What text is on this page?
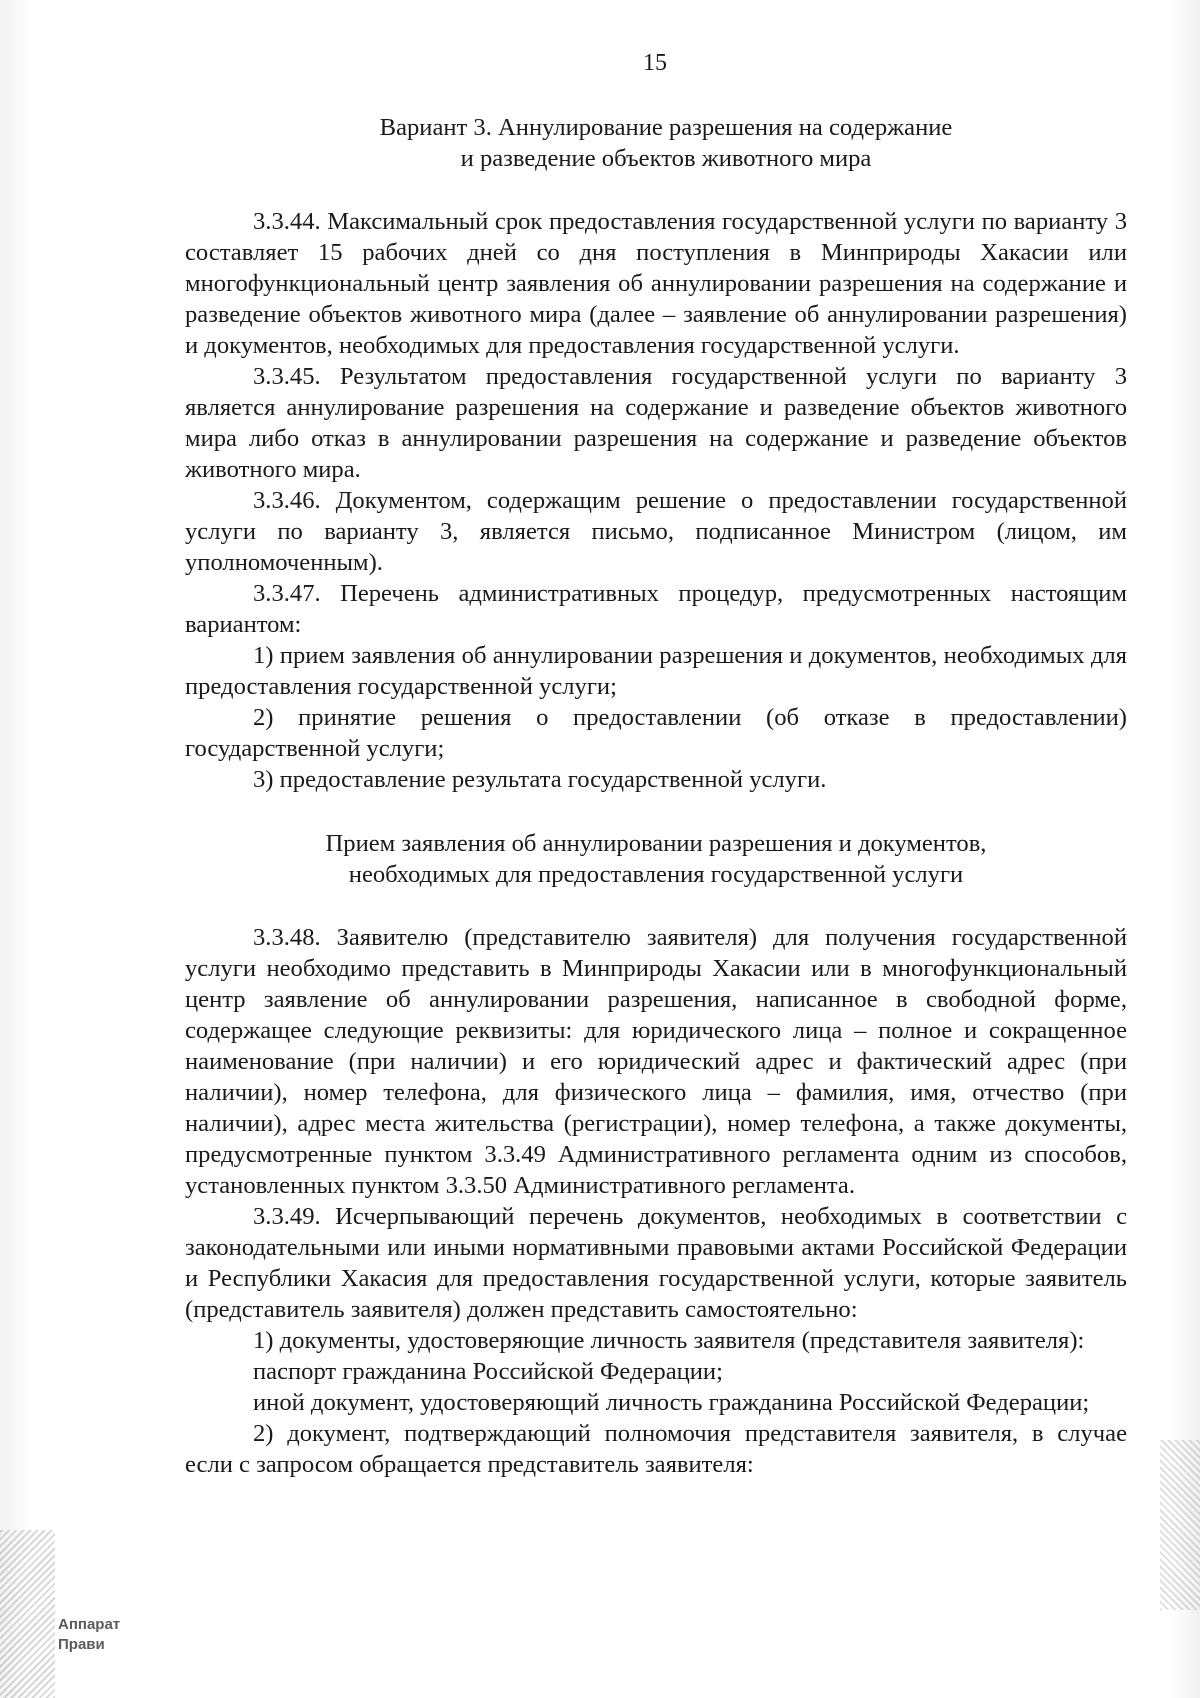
15
Вариант 3. Аннулирование разрешения на содержание
и разведение объектов животного мира

3.3.44. Максимальный срок предоставления государственной услуги по варианту 3 составляет 15 рабочих дней со дня поступления в Минприроды Хакасии или многофункциональный центр заявления об аннулировании разрешения на содержание и разведение объектов животного мира (далее – заявление об аннулировании разрешения) и документов, необходимых для предоставления государственной услуги.

3.3.45. Результатом предоставления государственной услуги по варианту 3 является аннулирование разрешения на содержание и разведение объектов животного мира либо отказ в аннулировании разрешения на содержание и разведение объектов животного мира.

3.3.46. Документом, содержащим решение о предоставлении государственной услуги по варианту 3, является письмо, подписанное Министром (лицом, им уполномоченным).

3.3.47. Перечень административных процедур, предусмотренных настоящим вариантом:

1) прием заявления об аннулировании разрешения и документов, необходимых для предоставления государственной услуги;

2) принятие решения о предоставлении (об отказе в предоставлении) государственной услуги;

3) предоставление результата государственной услуги.

Прием заявления об аннулировании разрешения и документов,
необходимых для предоставления государственной услуги

3.3.48. Заявителю (представителю заявителя) для получения государственной услуги необходимо представить в Минприроды Хакасии или в многофункциональный центр заявление об аннулировании разрешения, написанное в свободной форме, содержащее следующие реквизиты: для юридического лица – полное и сокращенное наименование (при наличии) и его юридический адрес и фактический адрес (при наличии), номер телефона, для физического лица – фамилия, имя, отчество (при наличии), адрес места жительства (регистрации), номер телефона, а также документы, предусмотренные пунктом 3.3.49 Административного регламента одним из способов, установленных пунктом 3.3.50 Административного регламента.

3.3.49. Исчерпывающий перечень документов, необходимых в соответствии с законодательными или иными нормативными правовыми актами Российской Федерации и Республики Хакасия для предоставления государственной услуги, которые заявитель (представитель заявителя) должен представить самостоятельно:

1) документы, удостоверяющие личность заявителя (представителя заявителя):

паспорт гражданина Российской Федерации;

иной документ, удостоверяющий личность гражданина Российской Федерации;

2) документ, подтверждающий полномочия представителя заявителя, в случае если с запросом обращается представитель заявителя:

Аппарат
Прави
